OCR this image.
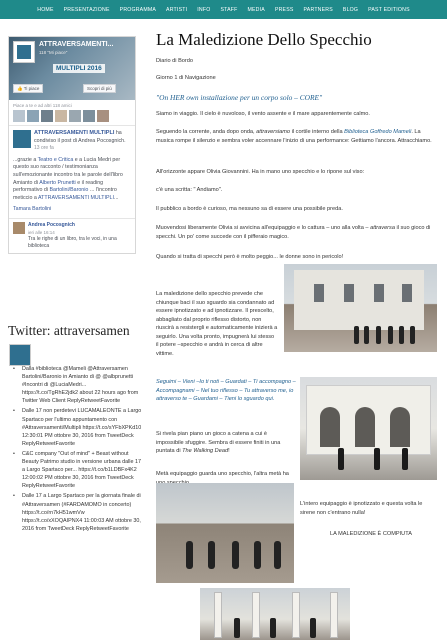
HOME	PRESENTAZIONE	PROGRAMMA	ARTISTI	INFO	STAFF	MEDIA	PRESS	PARTNERS	BLOG	PAST EDITIONS
ATTRAVERSAMENTI...
118 "Mi piace"
MULTIPLI 2016
👍 Ti piace	Scopri di più
Piace a te e ad altri 118 amici
ATTRAVERSAMENTI MULTIPLI ha condiviso il post di Andrea Pocosgnich.
13 ore fa
...grazie a Teatro e Critica e a Lucia Medri per questo suo racconto / testimonianza sull'emozionante incontro tra le parole dell'libro Amianto di Alberto Prunetti e il reading performativo di Bartolini/Baronio ... l'incontro meticcio a ATTRAVERSAMENTI MULTIPLI...
Tamara Bartolini
Andrea Pocosgnich
ieri alle 16:14
Tra le righe di un libro, tra le voci, in una biblioteca
Twitter: attraversamen
• Dalla #biblioteca @Mameli @Attraversamen Bartolini/Baronio in Amianto di @ @albprunetti #Incontri di @LuciaMedri... https://t.co/TgRhE2jdk2 about 22 hours ago from Twitter Web Client ReplyRetweetFavorite
• Dalle 17 non perdetevi LUCAMALEONTE a Largo Spartaco per l'ultimo appuntamento con #Attraversamenti/Multipli https://t.co/sYFbXPKd10 12:30:01 PM ottobre 30, 2016 from TweetDeck ReplyRetweetFavorite
• C&C company "Out of mind" + Beast without Beauty Patrimo studio in versione urbana dalle 17 a Largo Spartaco per... https://t.co/b1LDBFx4K2 12:00:02 PM ottobre 30, 2016 from TweetDeck ReplyRetweetFavorite
• Dalle 17 a Largo Spartaco per la giornata finale di #Attraversamen (#FARDAMOMO in concerto) https://t.co/rn7kH51wmVw https://t.co/xXOQAIPNX4 11:00:03 AM ottobre 30, 2016 from TweetDeck ReplyRetweetFavorite
La Maledizione Dello Specchio
Diario di Bordo
Giorno 1 di Navigazione
"On HER own installazione per un corpo solo – CORE"
Siamo in viaggio. Il cielo è nuvoloso, il vento assente e il mare apparentemente calmo.
Seguendo la corrente, anda dopo onda, attraversiamo il cortile interno della Biblioteca Goffredo Mameli. La musica rompe il silenzio e sembra voler accennare l'inizio di una performance: Gettiamo l'ancora. Attracchiamo.
All'orizzonte appare Olivia Giovannini. Ha in mano uno specchio e lo ripone sul viso:
c'è una scritta: " Andiamo".
Il pubblico a bordo è curioso, ma nessuno sa di essere una possibile preda.
Muovendosi liberamente Olivia si avvicina all'equipaggio e lo cattura – uno alla volta – attraversa il suo gioco di specchi. Un po' come succede con il pifferaio magico.
Quando si tratta di specchi però è molto peggio... le donne sono in pericolo!
La maledizione dello specchio prevede che chiunque baci il suo sguardo sia condannato ad essere ipnotizzato e ad ipnotizzare. Il prescelto, abbagliato dal proprio riflesso distorto, non riuscirà a resistergli e automaticamente inizierà a seguirlo. Una volta pronto, impugnerà lui stesso il potere –specchio e andrà in cerca di altre vittime.
Seguimi – Vieni –Io ti noti – Guardati – Ti accompagno – Accompagnami – Nel tuo riflesso – Tu attraverso me, io attraverso te – Guardami – Tieni lo sguardo qui.
Si rivela pian piano un gioco a catena a cui è impossibile sfuggire. Sembra di essere finiti in una puntata di The Walking Dead!
Metà equipaggio guarda uno specchio, l'altra metà ha
L'intero equipaggio è ipnotizzato e questa volta le sirene non c'entrano nulla!
LA MALEDIZIONE È COMPIUTA
